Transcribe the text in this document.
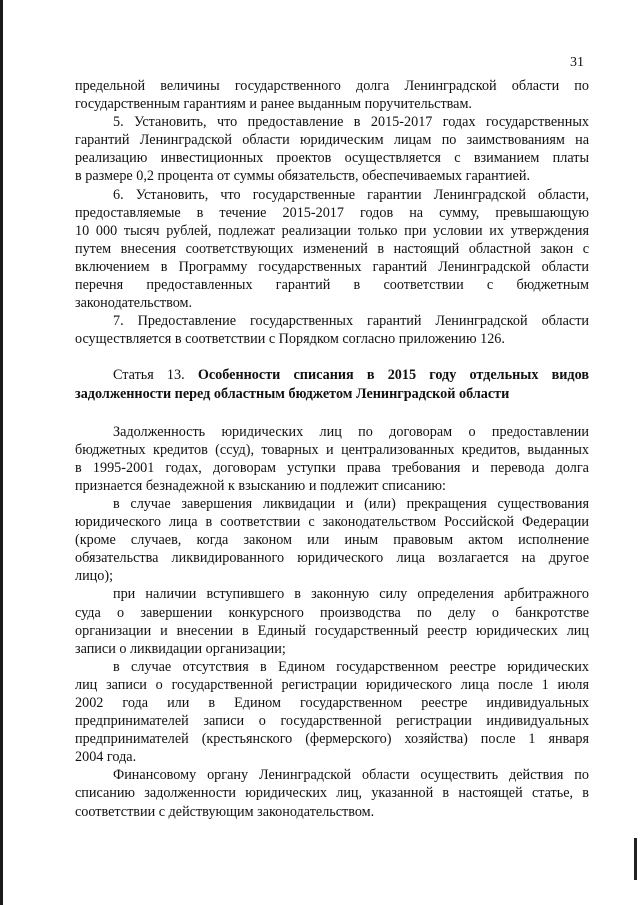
31
предельной величины государственного долга Ленинградской области по
государственным гарантиям и ранее выданным поручительствам.
5. Установить, что предоставление в 2015-2017 годах государственных
гарантий Ленинградской области юридическим лицам по заимствованиям на
реализацию инвестиционных проектов осуществляется с взиманием платы
в размере 0,2 процента от суммы обязательств, обеспечиваемых гарантией.
6. Установить, что государственные гарантии Ленинградской области,
предоставляемые в течение 2015-2017 годов на сумму, превышающую
10 000 тысяч рублей, подлежат реализации только при условии их утверждения
путем внесения соответствующих изменений в настоящий областной закон с
включением в Программу государственных гарантий Ленинградской области
перечня предоставленных гарантий в соответствии с бюджетным
законодательством.
7. Предоставление государственных гарантий Ленинградской области
осуществляется в соответствии с Порядком согласно приложению 126.
Статья 13. Особенности списания в 2015 году отдельных видов
задолженности перед областным бюджетом Ленинградской области
Задолженность юридических лиц по договорам о предоставлении
бюджетных кредитов (ссуд), товарных и централизованных кредитов, выданных
в 1995-2001 годах, договорам уступки права требования и перевода долга
признается безнадежной к взысканию и подлежит списанию:
в случае завершения ликвидации и (или) прекращения существования
юридического лица в соответствии с законодательством Российской Федерации
(кроме случаев, когда законом или иным правовым актом исполнение
обязательства ликвидированного юридического лица возлагается на другое
лицо);
при наличии вступившего в законную силу определения арбитражного
суда о завершении конкурсного производства по делу о банкротстве
организации и внесении в Единый государственный реестр юридических лиц
записи о ликвидации организации;
в случае отсутствия в Едином государственном реестре юридических
лиц записи о государственной регистрации юридического лица после 1 июля
2002 года или в Едином государственном реестре индивидуальных
предпринимателей записи о государственной регистрации индивидуальных
предпринимателей (крестьянского (фермерского) хозяйства) после 1 января
2004 года.
Финансовому органу Ленинградской области осуществить действия по
списанию задолженности юридических лиц, указанной в настоящей статье, в
соответствии с действующим законодательством.
